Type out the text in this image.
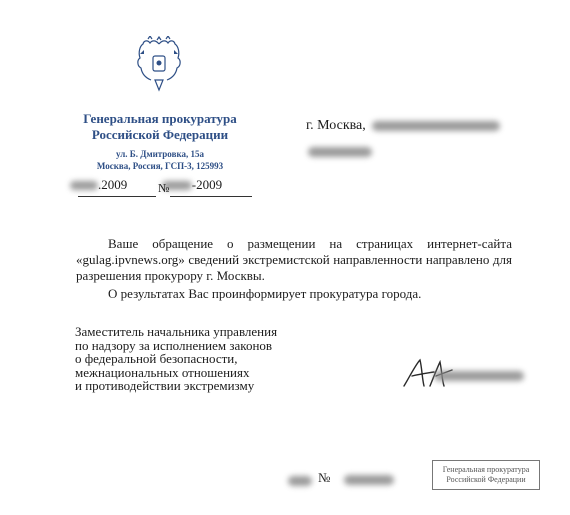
Генеральная прокуратура
Российской Федерации
ул. Б. Дмитровка, 15а
Москва, Россия, ГСП-3, 125993
.2009	-2009
№
г. Москва,

Ваше обращение о размещении на страницах интернет-сайта «gulag.ipvnews.org» сведений экстремистской направленности направлено для разрешения прокурору г. Москвы.

О результатах Вас проинформирует прокуратура города.

Заместитель начальника управления
по надзору за исполнением законов
о федеральной безопасности,
межнациональных отношениях
и противодействии экстремизму
№
Генеральная прокуратура
Российской Федерации
